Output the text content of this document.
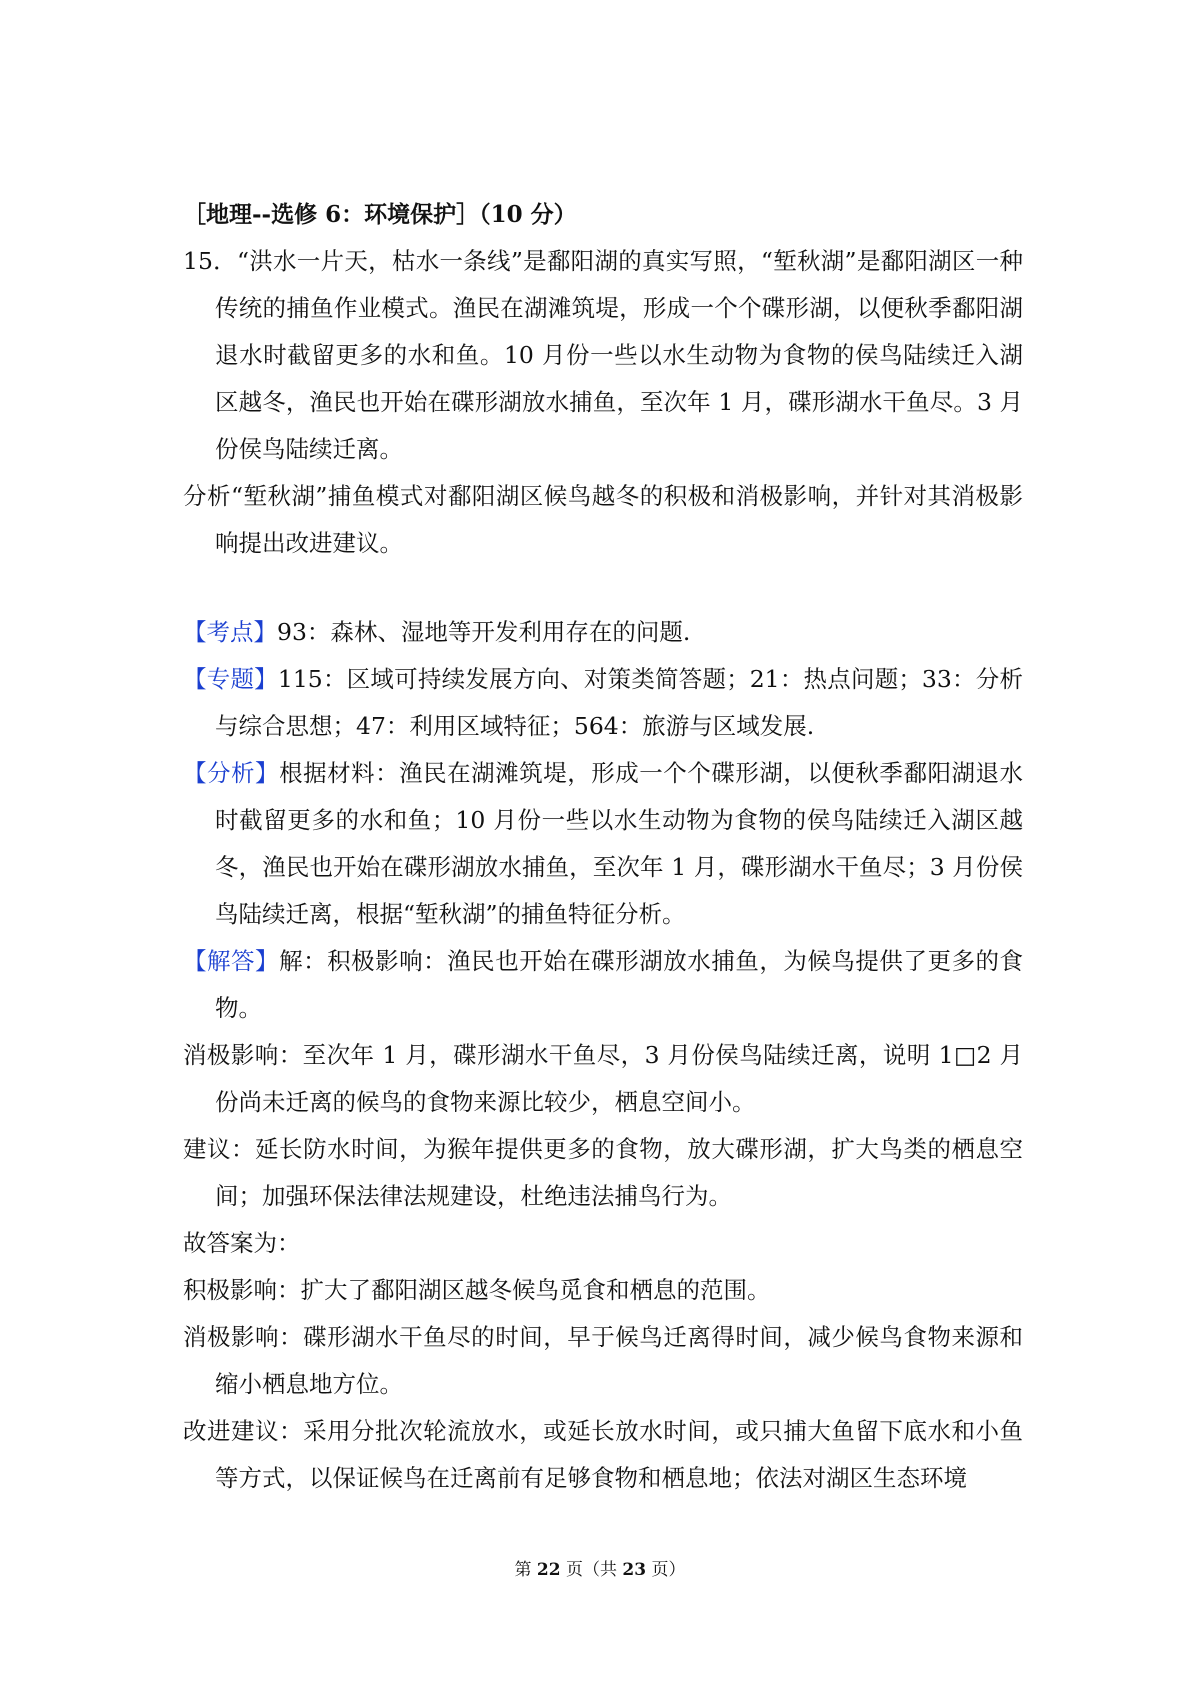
［地理--选修 6：环境保护］（10 分）

15．“洪水一片天，枯水一条线”是鄱阳湖的真实写照，“堑秋湖”是鄱阳湖区一种传统的捕鱼作业模式。渔民在湖滩筑堤，形成一个个碟形湖，以便秋季鄱阳湖退水时截留更多的水和鱼。10 月份一些以水生动物为食物的侯鸟陆续迁入湖区越冬，渔民也开始在碟形湖放水捕鱼，至次年 1 月，碟形湖水干鱼尽。3 月份侯鸟陆续迁离。

分析“堑秋湖”捕鱼模式对鄱阳湖区候鸟越冬的积极和消极影响，并针对其消极影响提出改进建议。

【考点】93：森林、湿地等开发利用存在的问题.

【专题】115：区域可持续发展方向、对策类简答题；21：热点问题；33：分析与综合思想；47：利用区域特征；564：旅游与区域发展.

【分析】根据材料：渔民在湖滩筑堤，形成一个个碟形湖，以便秋季鄱阳湖退水时截留更多的水和鱼；10 月份一些以水生动物为食物的侯鸟陆续迁入湖区越冬，渔民也开始在碟形湖放水捕鱼，至次年 1 月，碟形湖水干鱼尽；3 月份侯鸟陆续迁离，根据“堑秋湖”的捕鱼特征分析。

【解答】解：积极影响：渔民也开始在碟形湖放水捕鱼，为候鸟提供了更多的食物。

消极影响：至次年 1 月，碟形湖水干鱼尽，3 月份侯鸟陆续迁离，说明 1□2 月份尚未迁离的候鸟的食物来源比较少，栖息空间小。

建议：延长防水时间，为猴年提供更多的食物，放大碟形湖，扩大鸟类的栖息空间；加强环保法律法规建设，杜绝违法捕鸟行为。

故答案为：

积极影响：扩大了鄱阳湖区越冬候鸟觅食和栖息的范围。

消极影响：碟形湖水干鱼尽的时间，早于候鸟迁离得时间，减少候鸟食物来源和缩小栖息地方位。

改进建议：采用分批次轮流放水，或延长放水时间，或只捕大鱼留下底水和小鱼等方式，以保证候鸟在迁离前有足够食物和栖息地；依法对湖区生态环境

第 22 页（共 23 页）
